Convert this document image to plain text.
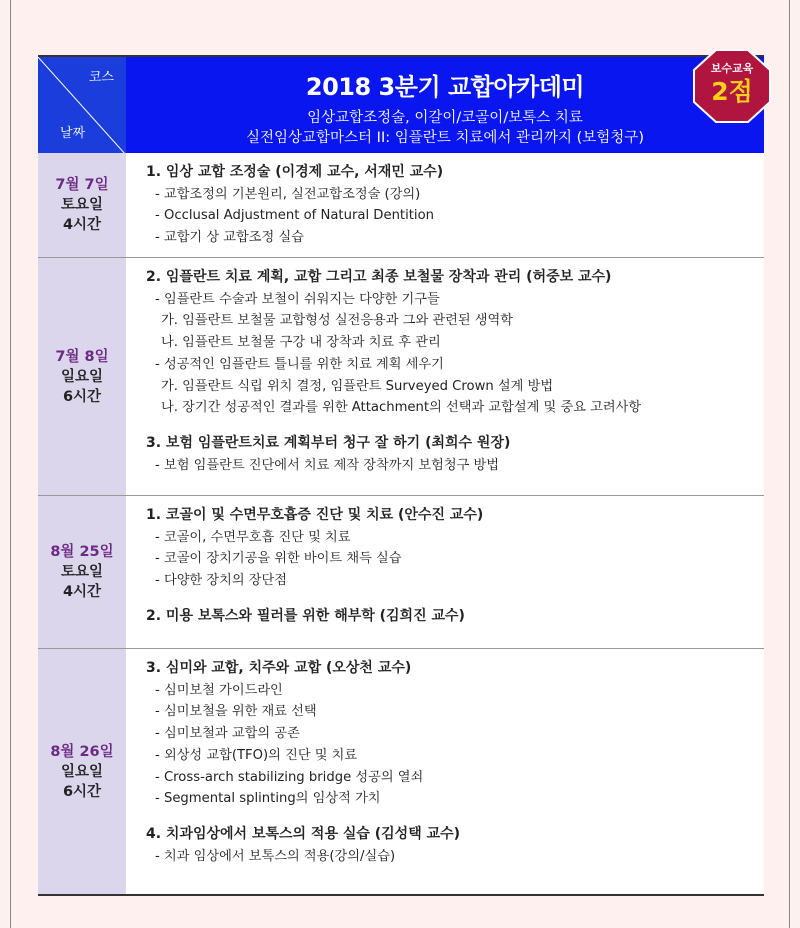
코스
날짜
2018 3분기 교합아카데미
임상교합조정술, 이갈이/코골이/보톡스 치료
실전임상교합마스터 II: 임플란트 치료에서 관리까지 (보험청구)
보수교육
2점
7월 7일
토요일
4시간
1. 임상 교합 조정술 (이경제 교수, 서재민 교수)
- 교합조정의 기본원리, 실전교합조정술 (강의)
- Occlusal Adjustment of Natural Dentition
- 교합기 상 교합조정 실습
7월 8일
일요일
6시간
2. 임플란트 치료 계획, 교합 그리고 최종 보철물 장착과 관리 (허중보 교수)
- 임플란트 수술과 보철이 쉬워지는 다양한 기구들
가. 임플란트 보철물 교합형성 실전응용과 그와 관련된 생역학
나. 임플란트 보철물 구강 내 장착과 치료 후 관리
- 성공적인 임플란트 틀니를 위한 치료 계획 세우기
가. 임플란트 식립 위치 결정, 임플란트 Surveyed Crown 설계 방법
나. 장기간 성공적인 결과를 위한 Attachment의 선택과 교합설계 및 중요 고려사항
3. 보험 임플란트치료 계획부터 청구 잘 하기 (최희수 원장)
- 보험 임플란트 진단에서 치료 제작 장착까지 보험청구 방법
8월 25일
토요일
4시간
1. 코골이 및 수면무호흡증 진단 및 치료 (안수진 교수)
- 코골이, 수면무호흡 진단 및 치료
- 코골이 장치기공을 위한 바이트 채득 실습
- 다양한 장치의 장단점
2. 미용 보톡스와 필러를 위한 해부학 (김희진 교수)
8월 26일
일요일
6시간
3. 심미와 교합, 치주와 교합 (오상천 교수)
- 심미보철 가이드라인
- 심미보철을 위한 재료 선택
- 심미보철과 교합의 공존
- 외상성 교합(TFO)의 진단 및 치료
- Cross-arch stabilizing bridge 성공의 열쇠
- Segmental splinting의 임상적 가치
4. 치과임상에서 보톡스의 적용 실습 (김성택 교수)
- 치과 임상에서 보톡스의 적용(강의/실습)
